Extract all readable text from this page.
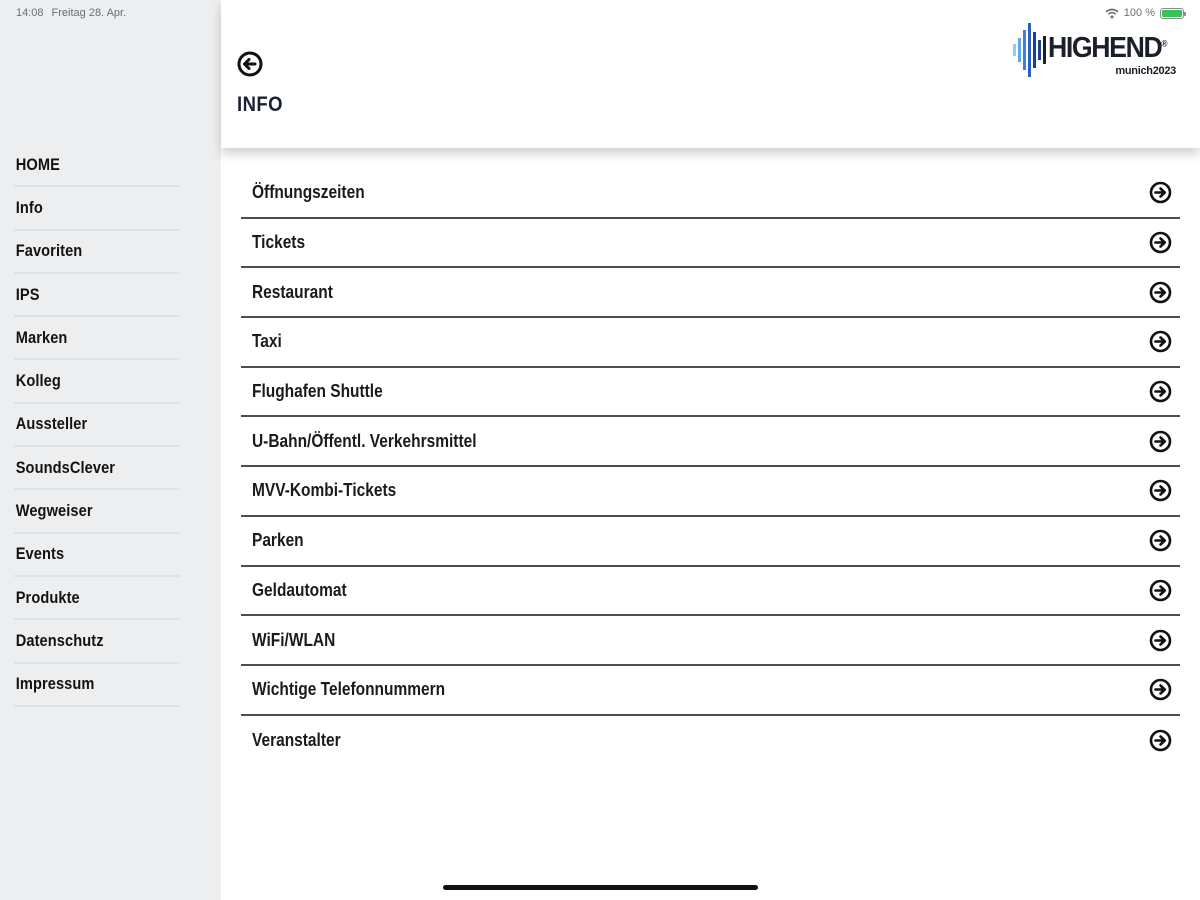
14:08 Freitag 28. Apr.
HOME
Info
Favoriten
IPS
Marken
Kolleg
Aussteller
SoundsClever
Wegweiser
Events
Produkte
Datenschutz
Impressum
100 %
INFO
HIGHEND®
munich2023
Öffnungszeiten
Tickets
Restaurant
Taxi
Flughafen Shuttle
U-Bahn/Öffentl. Verkehrsmittel
MVV-Kombi-Tickets
Parken
Geldautomat
WiFi/WLAN
Wichtige Telefonnummern
Veranstalter
